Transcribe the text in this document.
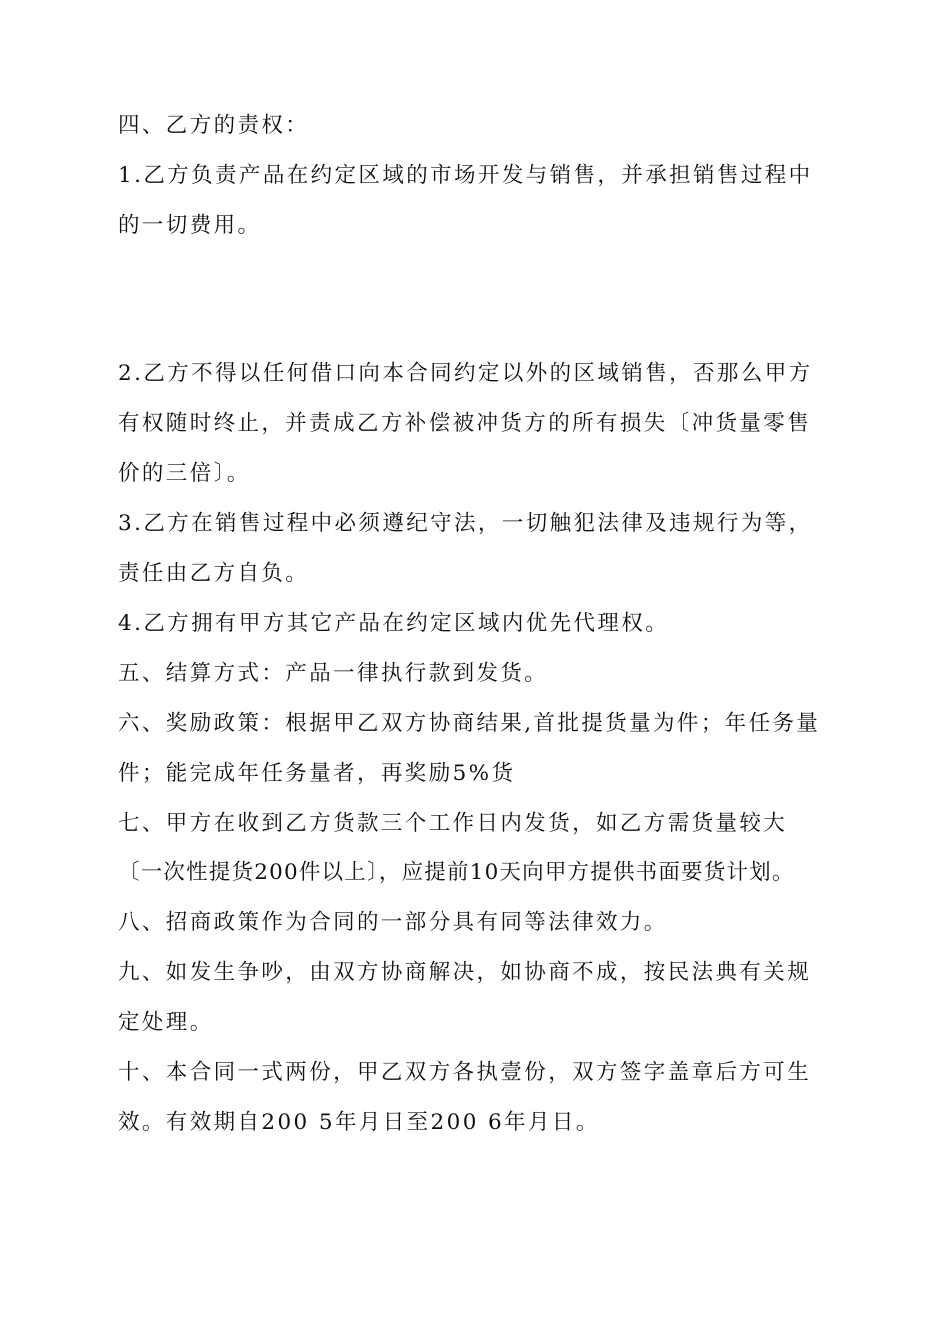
四、乙方的责权：

1.乙方负责产品在约定区域的市场开发与销售，并承担销售过程中

的一切费用。

2.乙方不得以任何借口向本合同约定以外的区域销售，否那么甲方

有权随时终止，并责成乙方补偿被冲货方的所有损失〔冲货量零售

价的三倍〕。

3.乙方在销售过程中必须遵纪守法，一切触犯法律及违规行为等，

责任由乙方自负。

4.乙方拥有甲方其它产品在约定区域内优先代理权。

五、结算方式：产品一律执行款到发货。

六、奖励政策：根据甲乙双方协商结果,首批提货量为件；年任务量

件；能完成年任务量者，再奖励5%货

七、甲方在收到乙方货款三个工作日内发货，如乙方需货量较大

〔一次性提货200件以上〕，应提前10天向甲方提供书面要货计划。

八、招商政策作为合同的一部分具有同等法律效力。

九、如发生争吵，由双方协商解决，如协商不成，按民法典有关规

定处理。

十、本合同一式两份，甲乙双方各执壹份，双方签字盖章后方可生

效。有效期自200 5年月日至200 6年月日。
